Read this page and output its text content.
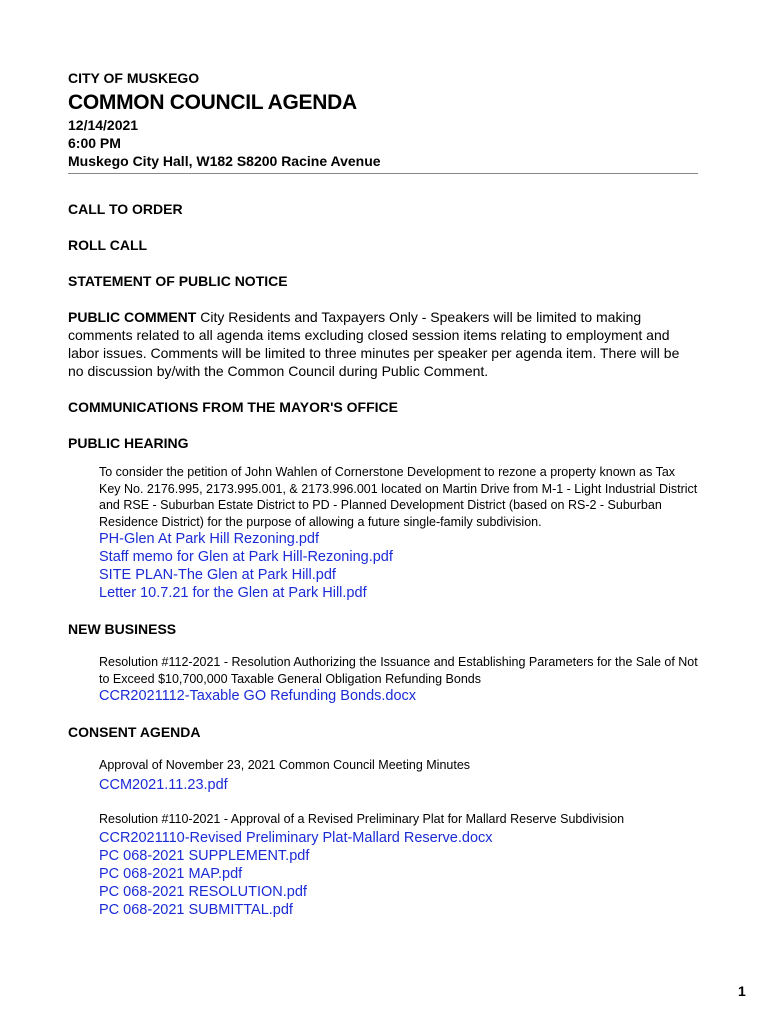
CITY OF MUSKEGO
COMMON COUNCIL AGENDA
12/14/2021
6:00 PM
Muskego City Hall, W182 S8200 Racine Avenue
CALL TO ORDER
ROLL CALL
STATEMENT OF PUBLIC NOTICE
PUBLIC COMMENT City Residents and Taxpayers Only - Speakers will be limited to making comments related to all agenda items excluding closed session items relating to employment and labor issues. Comments will be limited to three minutes per speaker per agenda item. There will be no discussion by/with the Common Council during Public Comment.
COMMUNICATIONS FROM THE MAYOR'S OFFICE
PUBLIC HEARING
To consider the petition of John Wahlen of Cornerstone Development to rezone a property known as Tax Key No. 2176.995, 2173.995.001, & 2173.996.001 located on Martin Drive from M-1 - Light Industrial District and RSE - Suburban Estate District to PD - Planned Development District (based on RS-2 - Suburban Residence District) for the purpose of allowing a future single-family subdivision.
PH-Glen At Park Hill Rezoning.pdf
Staff memo for Glen at Park Hill-Rezoning.pdf
SITE PLAN-The Glen at Park Hill.pdf
Letter 10.7.21 for the Glen at Park Hill.pdf
NEW BUSINESS
Resolution #112-2021 - Resolution Authorizing the Issuance and Establishing Parameters for the Sale of Not to Exceed $10,700,000 Taxable General Obligation Refunding Bonds
CCR2021112-Taxable GO Refunding Bonds.docx
CONSENT AGENDA
Approval of November 23, 2021 Common Council Meeting Minutes
CCM2021.11.23.pdf
Resolution #110-2021 - Approval of a Revised Preliminary Plat for Mallard Reserve Subdivision
CCR2021110-Revised Preliminary Plat-Mallard Reserve.docx
PC 068-2021 SUPPLEMENT.pdf
PC 068-2021 MAP.pdf
PC 068-2021 RESOLUTION.pdf
PC 068-2021 SUBMITTAL.pdf
1
